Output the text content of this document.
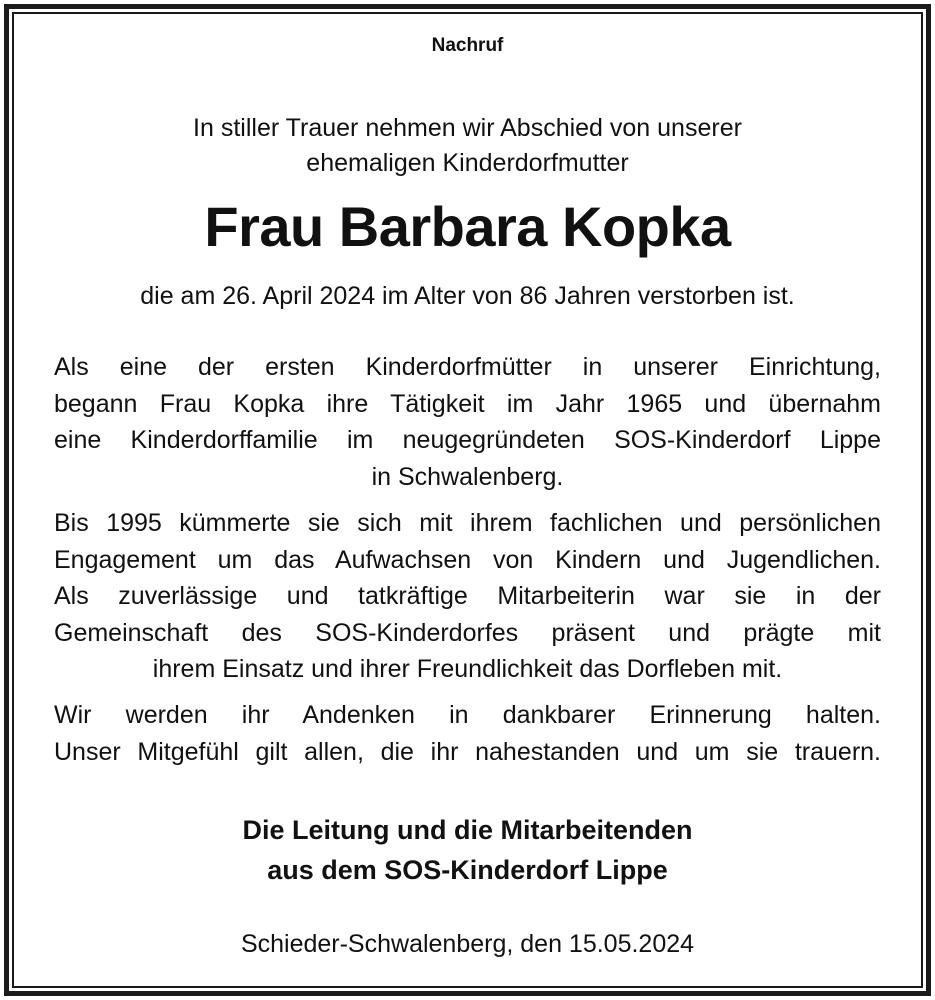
Nachruf
In stiller Trauer nehmen wir Abschied von unserer
ehemaligen Kinderdorfmutter
Frau Barbara Kopka
die am 26. April 2024 im Alter von 86 Jahren verstorben ist.
Als eine der ersten Kinderdorfmütter in unserer Einrichtung,
begann Frau Kopka ihre Tätigkeit im Jahr 1965 und übernahm
eine Kinderdorffamilie im neugegründeten SOS-Kinderdorf Lippe
in Schwalenberg.
Bis 1995 kümmerte sie sich mit ihrem fachlichen und persönlichen
Engagement um das Aufwachsen von Kindern und Jugendlichen.
Als zuverlässige und tatkräftige Mitarbeiterin war sie in der
Gemeinschaft des SOS-Kinderdorfes präsent und prägte mit
ihrem Einsatz und ihrer Freundlichkeit das Dorfleben mit.
Wir werden ihr Andenken in dankbarer Erinnerung halten.
Unser Mitgefühl gilt allen, die ihr nahestanden und um sie trauern.
Die Leitung und die Mitarbeitenden
aus dem SOS-Kinderdorf Lippe
Schieder-Schwalenberg, den 15.05.2024
